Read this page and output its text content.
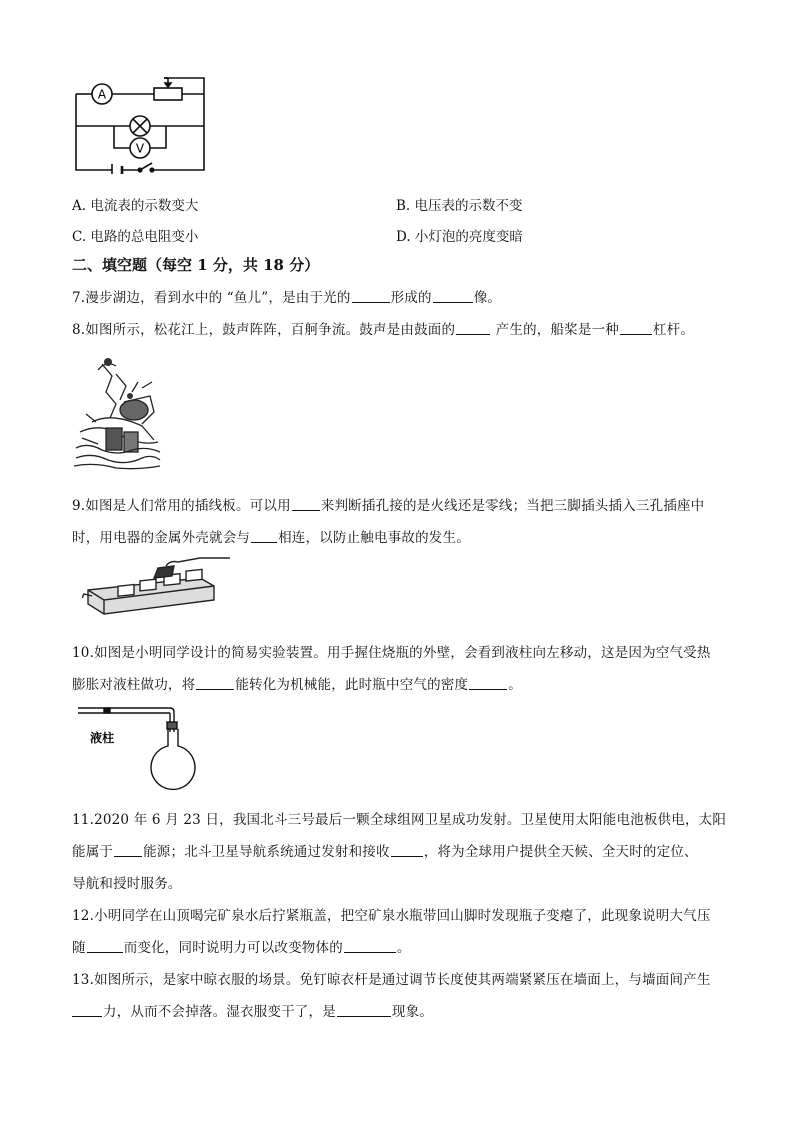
A
V
A. 电流表的示数变大	B. 电压表的示数不变
C. 电路的总电阻变小	D. 小灯泡的亮度变暗
二、填空题（每空 1 分，共 18 分）
7.漫步湖边，看到水中的 “鱼儿”，是由于光的	形成的	像。
8.如图所示，松花江上，鼓声阵阵，百舸争流。鼓声是由鼓面的	产生的，船桨是一种	杠杆。
9.如图是人们常用的插线板。可以用 来判断插孔接的是火线还是零线；当把三脚插头插入三孔插座中
时，用电器的金属外壳就会与 相连，以防止触电事故的发生。
10.如图是小明同学设计的简易实验装置。用手握住烧瓶的外壁，会看到液柱向左移动，这是因为空气受热
膨胀对液柱做功，将	能转化为机械能，此时瓶中空气的密度	。
液柱
11.2020 年 6 月 23 日，我国北斗三号最后一颗全球组网卫星成功发射。卫星使用太阳能电池板供电，太阳
能属于 能源；北斗卫星导航系统通过发射和接收	，将为全球用户提供全天候、全天时的定位、
导航和授时服务。
12.小明同学在山顶喝完矿泉水后拧紧瓶盖，把空矿泉水瓶带回山脚时发现瓶子变瘪了，此现象说明大气压
随	而变化，同时说明力可以改变物体的	。
13.如图所示，是家中晾衣服的场景。免钉晾衣杆是通过调节长度使其两端紧紧压在墙面上，与墙面间产生
力，从而不会掉落。湿衣服变干了，是	现象。
